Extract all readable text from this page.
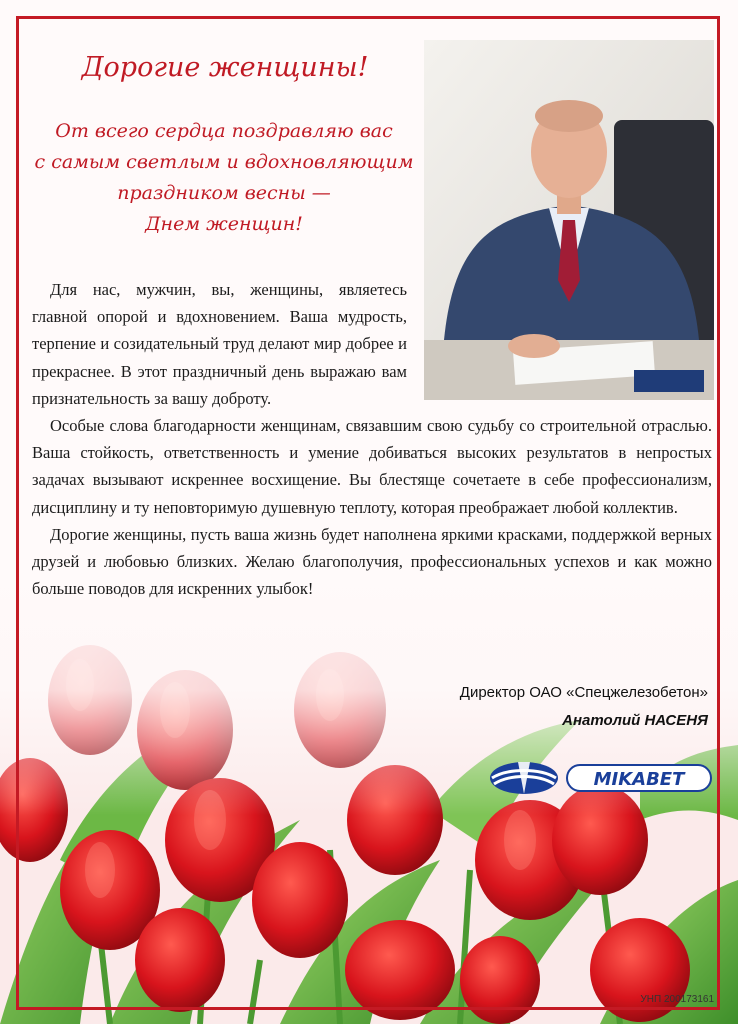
Дорогие женщины!
От всего сердца поздравляю вас
с самым светлым и вдохновляющим
праздником весны —
Днем женщин!

Для нас, мужчин, вы, женщины, являетесь главной опорой и вдохновением. Ваша мудрость, терпение и созидательный труд делают мир добрее и прекраснее. В этот праздничный день выражаю вам признательность за вашу доброту.

Особые слова благодарности женщинам, связавшим свою судьбу со строительной отраслью. Ваша стойкость, ответственность и умение добиваться высоких результатов в непростых задачах вызывают искреннее восхищение. Вы блестяще сочетаете в себе профессионализм, дисциплину и ту неповторимую душевную теплоту, которая преображает любой коллектив.

Дорогие женщины, пусть ваша жизнь будет наполнена яркими красками, поддержкой верных друзей и любовью близких. Желаю благополучия, профессиональных успехов и как можно больше поводов для искренних улыбок!

Директор ОАО «Спецжелезобетон»
Анатолий НАСЕНЯ
MIKABET
УНП 200173161
